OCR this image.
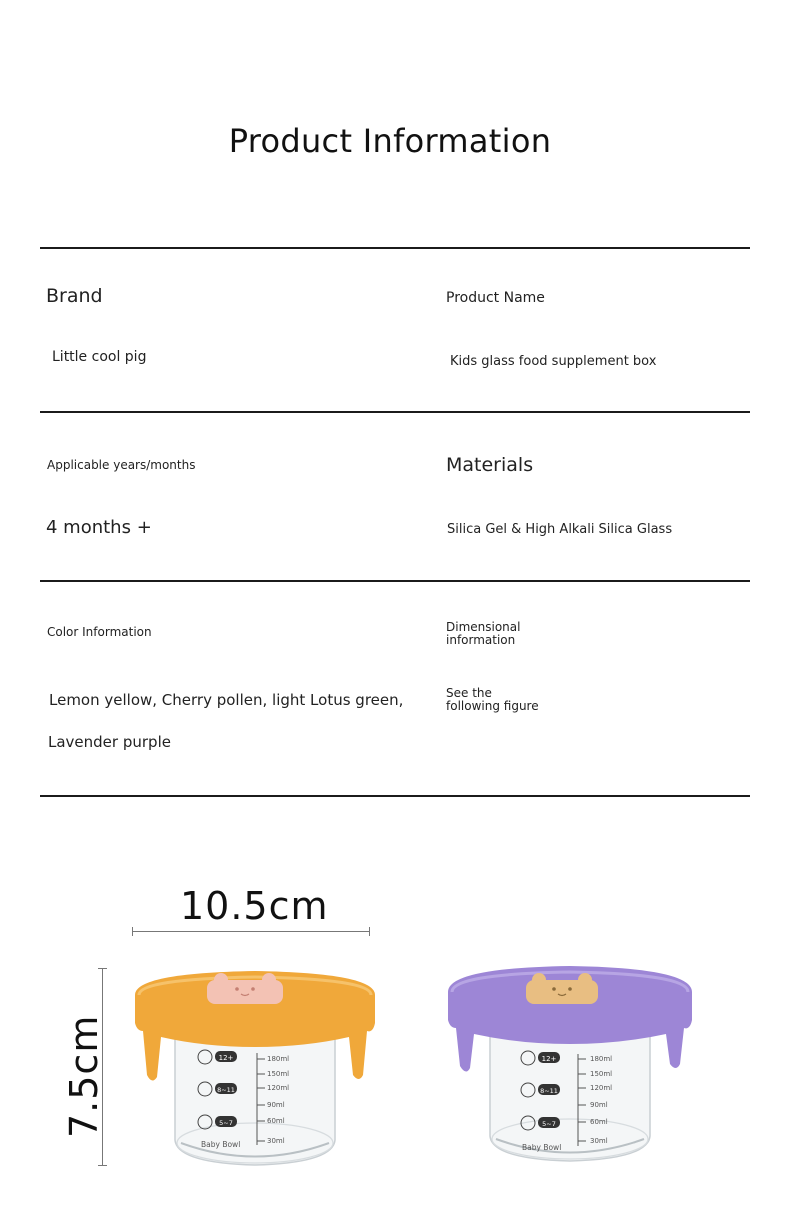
Product Information
Brand
Little cool pig
Product Name
Kids glass food supplement box
Applicable years/months
4 months +
Materials
Silica Gel & High Alkali Silica Glass
Color Information
Lemon yellow, Cherry pollen, light Lotus green,
Lavender purple
Dimensional
information
See the
following figure
10.5cm
7.5cm	12+
8~11
5~7
180ml
150ml
120ml
90ml
60ml
30ml
Baby Bowl
12+
8~11
5~7
180ml
150ml
120ml
90ml
60ml
30ml
Baby Bowl
